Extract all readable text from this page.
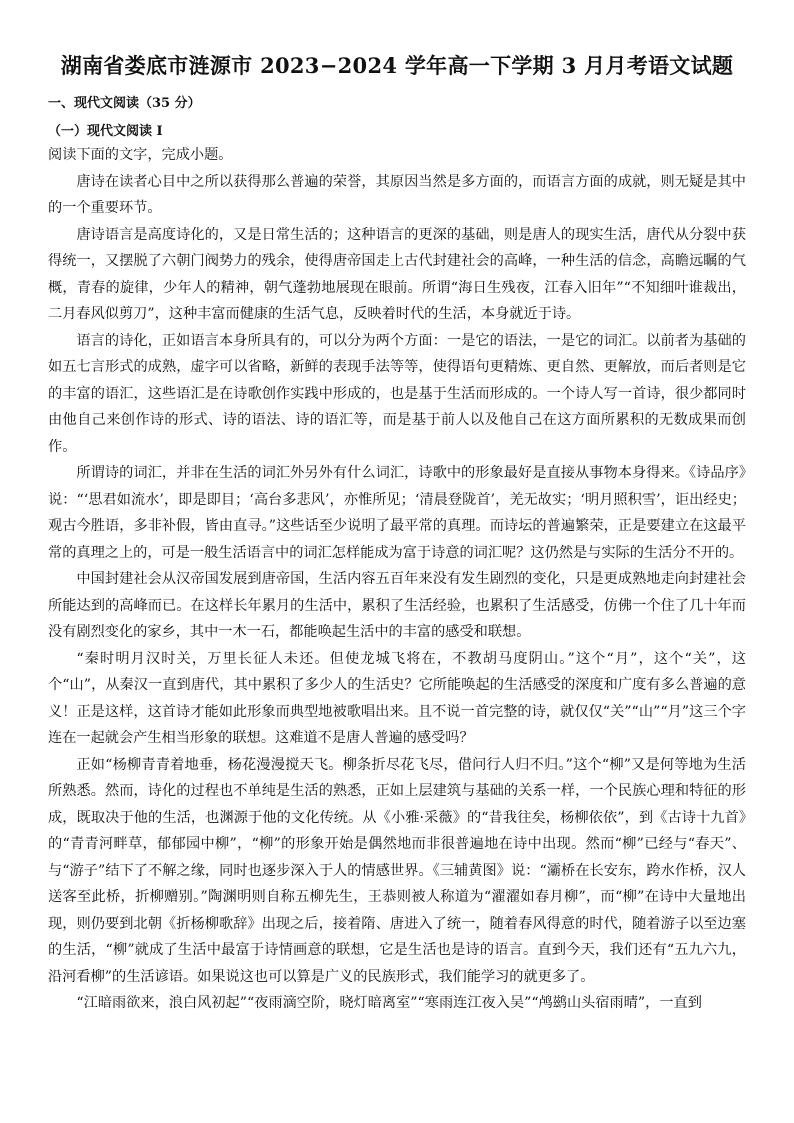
湖南省娄底市涟源市 2023−2024 学年高一下学期 3 月月考语文试题
一、现代文阅读（35 分）
（一）现代文阅读 I

阅读下面的文字，完成小题。

唐诗在读者心目中之所以获得那么普遍的荣誉，其原因当然是多方面的，而语言方面的成就，则无疑是其中的一个重要环节。

唐诗语言是高度诗化的，又是日常生活的；这种语言的更深的基础，则是唐人的现实生活，唐代从分裂中获得统一，又摆脱了六朝门阀势力的残余，使得唐帝国走上古代封建社会的高峰，一种生活的信念，高瞻远瞩的气概，青春的旋律，少年人的精神，朝气蓬勃地展现在眼前。所谓“海日生残夜，江春入旧年”“不知细叶谁裁出，二月春风似剪刀”，这种丰富而健康的生活气息，反映着时代的生活，本身就近于诗。

语言的诗化，正如语言本身所具有的，可以分为两个方面：一是它的语法，一是它的词汇。以前者为基础的如五七言形式的成熟，虚字可以省略，新鲜的表现手法等等，使得语句更精炼、更自然、更解放，而后者则是它的丰富的语汇，这些语汇是在诗歌创作实践中形成的，也是基于生活而形成的。一个诗人写一首诗，很少都同时由他自己来创作诗的形式、诗的语法、诗的语汇等，而是基于前人以及他自己在这方面所累积的无数成果而创作。

所谓诗的词汇，并非在生活的词汇外另外有什么词汇，诗歌中的形象最好是直接从事物本身得来。《诗品序》说：“‘思君如流水’，即是即目；‘高台多悲风’，亦惟所见；‘清晨登陇首’，羌无故实；‘明月照积雪’，讵出经史；观古今胜语，多非补假，皆由直寻。”这些话至少说明了最平常的真理。而诗坛的普遍繁荣，正是要建立在这最平常的真理之上的，可是一般生活语言中的词汇怎样能成为富于诗意的词汇呢？这仍然是与实际的生活分不开的。

中国封建社会从汉帝国发展到唐帝国，生活内容五百年来没有发生剧烈的变化，只是更成熟地走向封建社会所能达到的高峰而已。在这样长年累月的生活中，累积了生活经验，也累积了生活感受，仿佛一个住了几十年而没有剧烈变化的家乡，其中一木一石，都能唤起生活中的丰富的感受和联想。

“秦时明月汉时关，万里长征人未还。但使龙城飞将在，不教胡马度阴山。”这个“月”，这个“关”，这个“山”，从秦汉一直到唐代，其中累积了多少人的生活史？它所能唤起的生活感受的深度和广度有多么普遍的意义！正是这样，这首诗才能如此形象而典型地被歌唱出来。且不说一首完整的诗，就仅仅“关”“山”“月”这三个字连在一起就会产生相当形象的联想。这难道不是唐人普遍的感受吗？

正如“杨柳青青着地垂，杨花漫漫搅天飞。柳条折尽花飞尽，借问行人归不归。”这个“柳”又是何等地为生活所熟悉。然而，诗化的过程也不单纯是生活的熟悉，正如上层建筑与基础的关系一样，一个民族心理和特征的形成，既取决于他的生活，也渊源于他的文化传统。从《小雅·采薇》的“昔我往矣，杨柳依依”，到《古诗十九首》的“青青河畔草，郁郁园中柳”，“柳”的形象开始是偶然地而非很普遍地在诗中出现。然而“柳”已经与“春天”、与“游子”结下了不解之缘，同时也逐步深入于人的情感世界。《三辅黄图》说：“灞桥在长安东，跨水作桥，汉人送客至此桥，折柳赠别。”陶渊明则自称五柳先生，王恭则被人称道为“濯濯如春月柳”，而“柳”在诗中大量地出现，则仍要到北朝《折杨柳歌辞》出现之后，接着隋、唐进入了统一，随着春风得意的时代，随着游子以至边塞的生活，“柳”就成了生活中最富于诗情画意的联想，它是生活也是诗的语言。直到今天，我们还有“五九六九，沿河看柳”的生活谚语。如果说这也可以算是广义的民族形式，我们能学习的就更多了。

“江暗雨欲来，浪白风初起”“夜雨滴空阶，晓灯暗离室”“寒雨连江夜入吴”“鸬鹚山头宿雨晴”，一直到
